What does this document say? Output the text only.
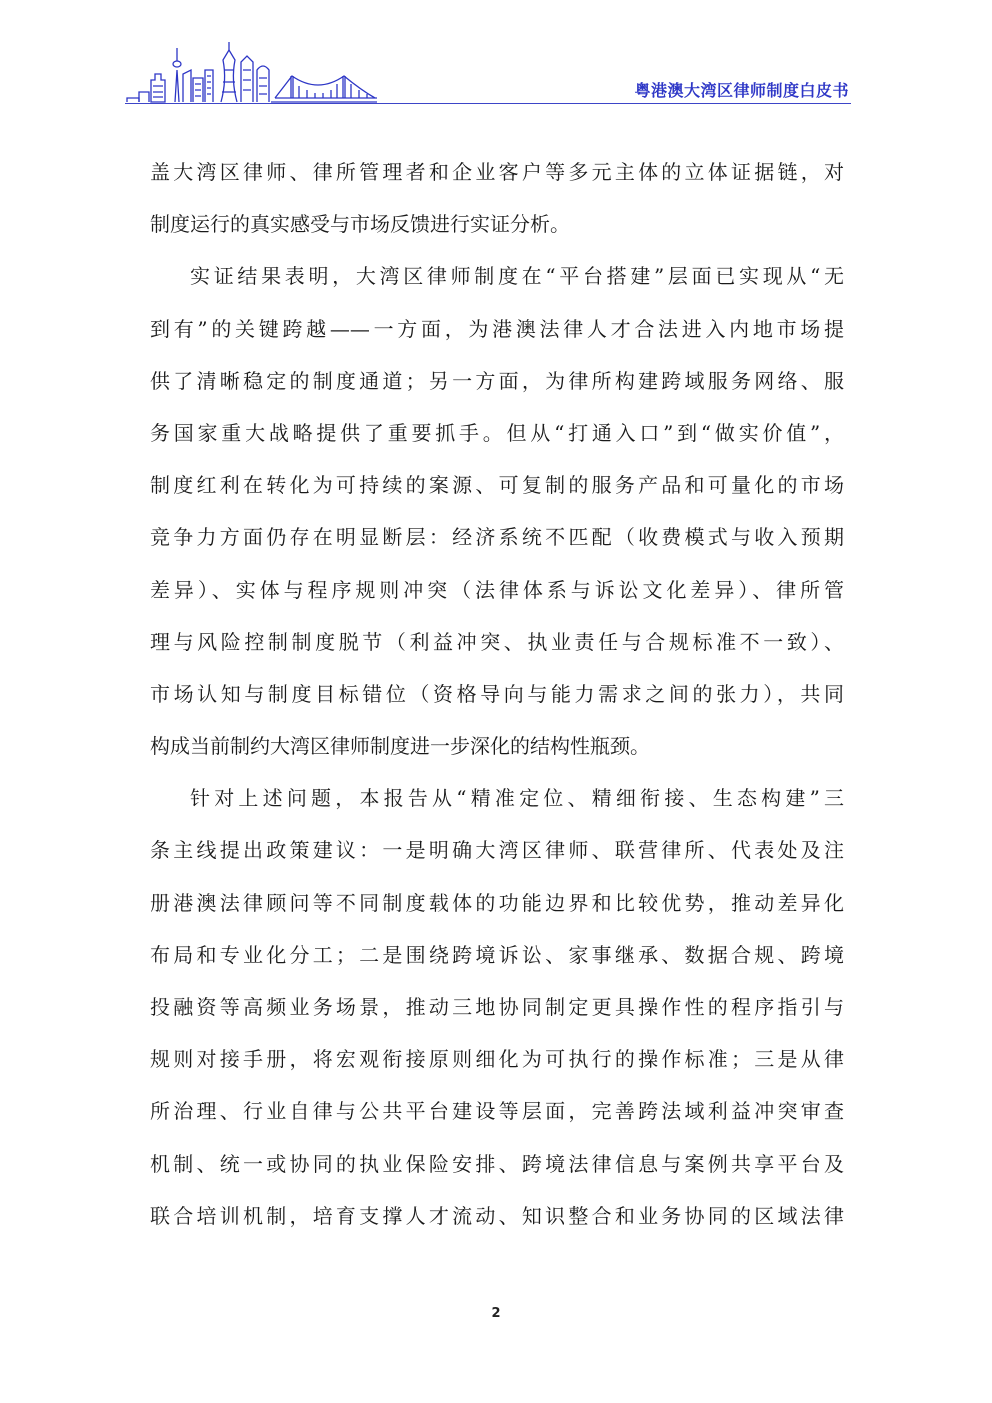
粤港澳大湾区律师制度白皮书
盖大湾区律师、律所管理者和企业客户等多元主体的立体证据链，对
制度运行的真实感受与市场反馈进行实证分析。
实证结果表明，大湾区律师制度在“平台搭建”层面已实现从“无
到有”的关键跨越——一方面，为港澳法律人才合法进入内地市场提
供了清晰稳定的制度通道；另一方面，为律所构建跨域服务网络、服
务国家重大战略提供了重要抓手。但从“打通入口”到“做实价值”，
制度红利在转化为可持续的案源、可复制的服务产品和可量化的市场
竞争力方面仍存在明显断层：经济系统不匹配（收费模式与收入预期
差异）、实体与程序规则冲突（法律体系与诉讼文化差异）、律所管
理与风险控制制度脱节（利益冲突、执业责任与合规标准不一致）、
市场认知与制度目标错位（资格导向与能力需求之间的张力），共同
构成当前制约大湾区律师制度进一步深化的结构性瓶颈。
针对上述问题，本报告从“精准定位、精细衔接、生态构建”三
条主线提出政策建议：一是明确大湾区律师、联营律所、代表处及注
册港澳法律顾问等不同制度载体的功能边界和比较优势，推动差异化
布局和专业化分工；二是围绕跨境诉讼、家事继承、数据合规、跨境
投融资等高频业务场景，推动三地协同制定更具操作性的程序指引与
规则对接手册，将宏观衔接原则细化为可执行的操作标准；三是从律
所治理、行业自律与公共平台建设等层面，完善跨法域利益冲突审查
机制、统一或协同的执业保险安排、跨境法律信息与案例共享平台及
联合培训机制，培育支撑人才流动、知识整合和业务协同的区域法律
2
